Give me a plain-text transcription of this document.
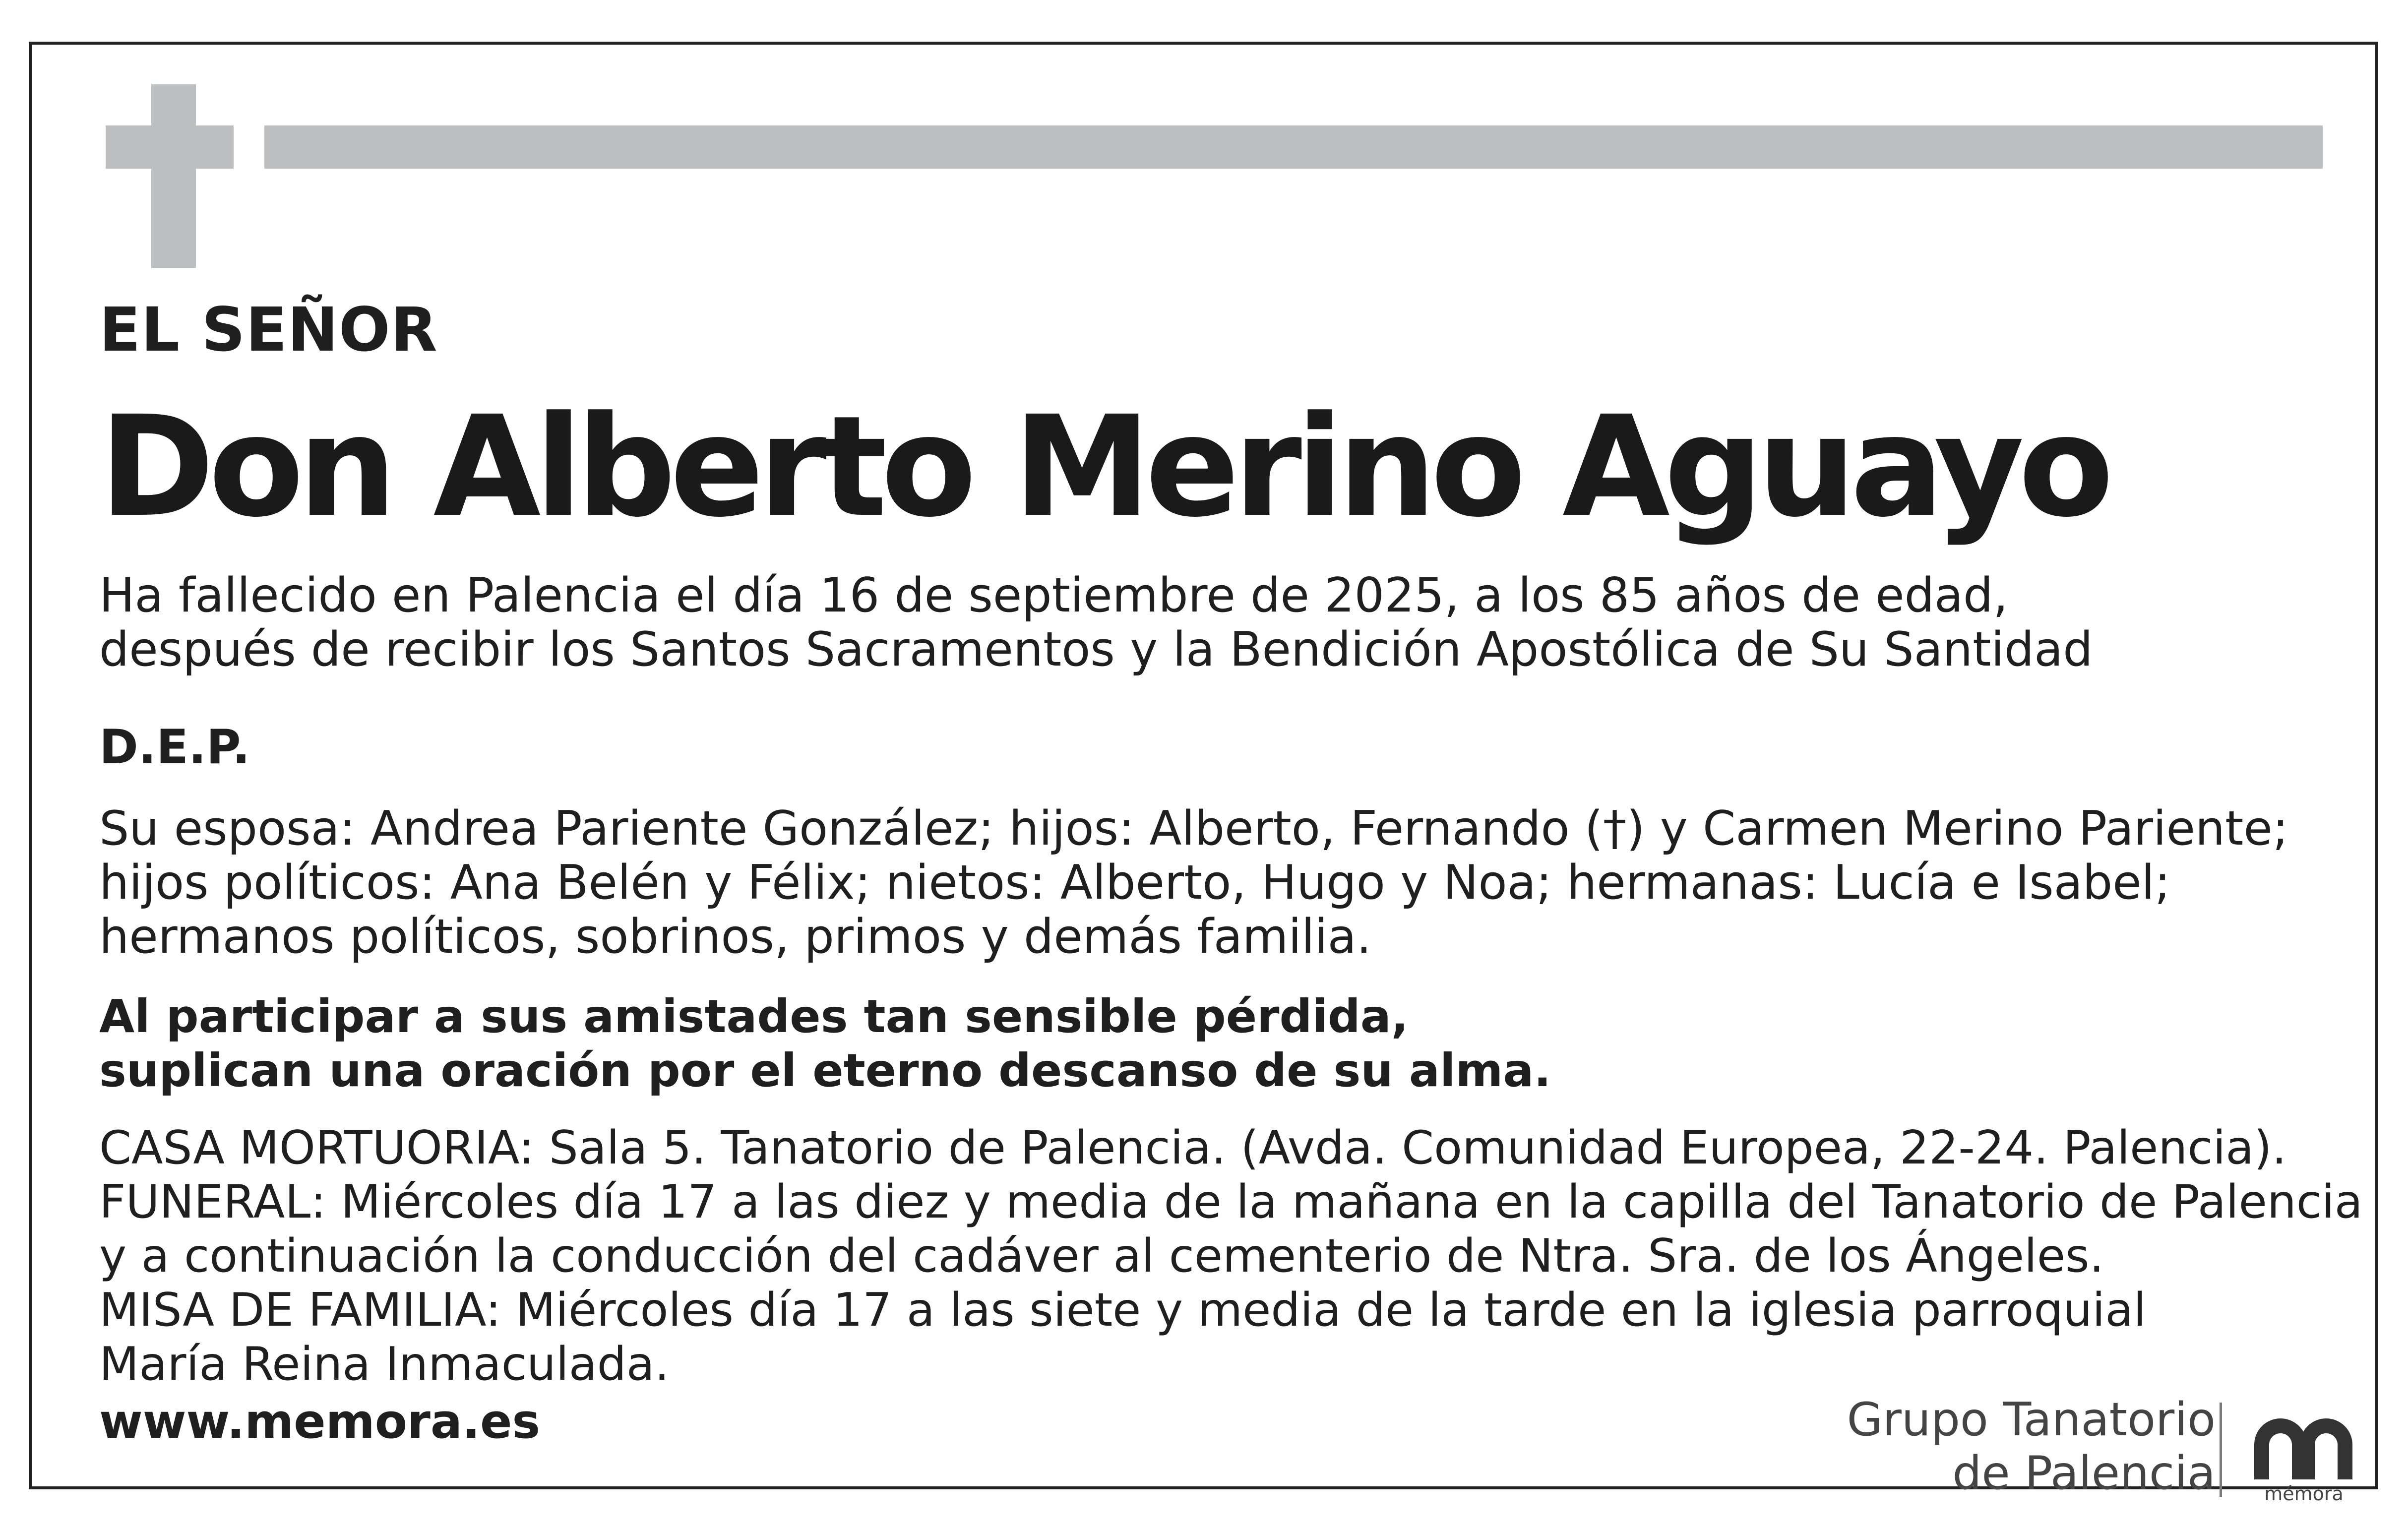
EL SEÑOR
Don Alberto Merino Aguayo
Ha fallecido en Palencia el día 16 de septiembre de 2025, a los 85 años de edad,
después de recibir los Santos Sacramentos y la Bendición Apostólica de Su Santidad
D.E.P.
Su esposa: Andrea Pariente González; hijos: Alberto, Fernando (†) y Carmen Merino Pariente;
hijos políticos: Ana Belén y Félix; nietos: Alberto, Hugo y Noa; hermanas: Lucía e Isabel;
hermanos políticos, sobrinos, primos y demás familia.
Al participar a sus amistades tan sensible pérdida,
suplican una oración por el eterno descanso de su alma.
CASA MORTUORIA: Sala 5. Tanatorio de Palencia. (Avda. Comunidad Europea, 22-24. Palencia).
FUNERAL: Miércoles día 17 a las diez y media de la mañana en la capilla del Tanatorio de Palencia
y a continuación la conducción del cadáver al cementerio de Ntra. Sra. de los Ángeles.
MISA DE FAMILIA: Miércoles día 17 a las siete y media de la tarde en la iglesia parroquial
María Reina Inmaculada.
www.memora.es	Grupo Tanatorio
de Palencia	mémora
